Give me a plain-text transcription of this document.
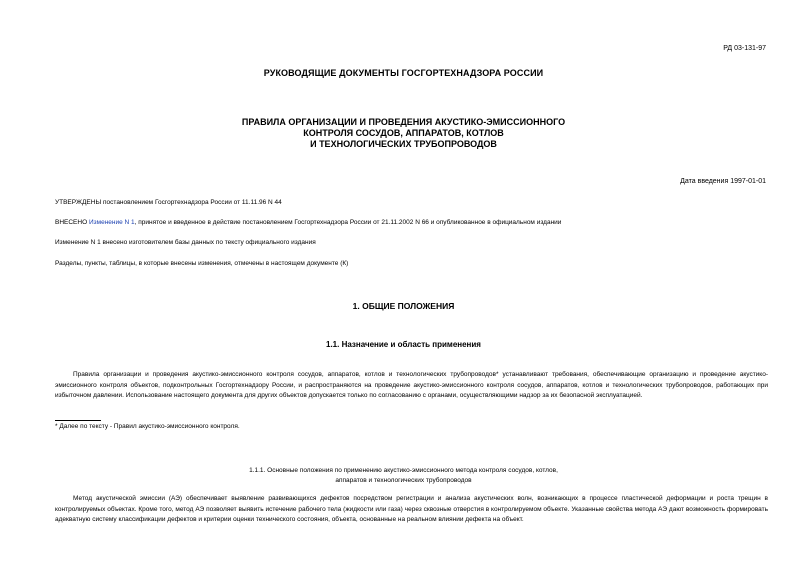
РД 03-131-97
РУКОВОДЯЩИЕ ДОКУМЕНТЫ ГОСГОРТЕХНАДЗОРА РОССИИ
ПРАВИЛА ОРГАНИЗАЦИИ И ПРОВЕДЕНИЯ АКУСТИКО-ЭМИССИОННОГО
КОНТРОЛЯ СОСУДОВ, АППАРАТОВ, КОТЛОВ
И ТЕХНОЛОГИЧЕСКИХ ТРУБОПРОВОДОВ
Дата введения 1997-01-01
УТВЕРЖДЕНЫ постановлением Госгортехнадзора России от 11.11.96 N 44
ВНЕСЕНО Изменение N 1, принятое и введенное в действие постановлением Госгортехнадзора России от 21.11.2002 N 66 и опубликованное в официальном издании
Изменение N 1 внесено изготовителем базы данных по тексту официального издания
Разделы, пункты, таблицы, в которые внесены изменения, отмечены в настоящем документе (К)
1. ОБЩИЕ ПОЛОЖЕНИЯ
1.1. Назначение и область применения
Правила организации и проведения акустико-эмиссионного контроля сосудов, аппаратов, котлов и технологических трубопроводов* устанавливают требования, обеспечивающие организацию и проведение акустико-эмиссионного контроля объектов, подконтрольных Госгортехнадзору России, и распространяются на проведение акустико-эмиссионного контроля сосудов, аппаратов, котлов и технологических трубопроводов, работающих при избыточном давлении. Использование настоящего документа для других объектов допускается только по согласованию с органами, осуществляющими надзор за их безопасной эксплуатацией.
* Далее по тексту - Правил акустико-эмиссионного контроля.
1.1.1. Основные положения по применению акустико-эмиссионного метода контроля сосудов, котлов,
аппаратов и технологических трубопроводов
Метод акустической эмиссии (АЭ) обеспечивает выявление развивающихся дефектов посредством регистрации и анализа акустических волн, возникающих в процессе пластической деформации и роста трещин в контролируемых объектах. Кроме того, метод АЭ позволяет выявить истечение рабочего тела (жидкости или газа) через сквозные отверстия в контролируемом объекте. Указанные свойства метода АЭ дают возможность формировать адекватную систему классификации дефектов и критерии оценки технического состояния, объекта, основанные на реальном влиянии дефекта на объект.
